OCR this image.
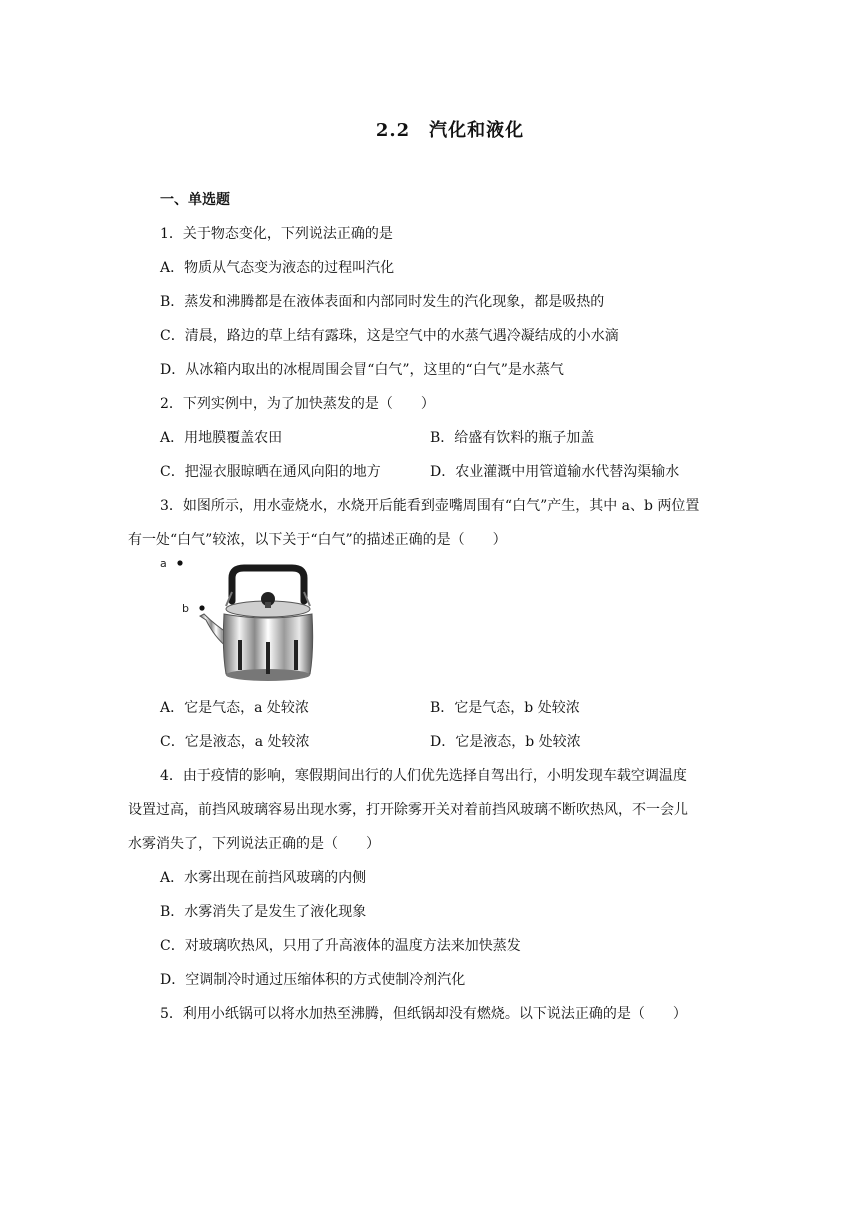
2.2　汽化和液化
一、单选题
1．关于物态变化，下列说法正确的是
A．物质从气态变为液态的过程叫汽化
B．蒸发和沸腾都是在液体表面和内部同时发生的汽化现象，都是吸热的
C．清晨，路边的草上结有露珠，这是空气中的水蒸气遇冷凝结成的小水滴
D．从冰箱内取出的冰棍周围会冒“白气”，这里的“白气”是水蒸气
2．下列实例中，为了加快蒸发的是（　　）
A．用地膜覆盖农田	B．给盛有饮料的瓶子加盖
C．把湿衣服晾晒在通风向阳的地方	D．农业灌溉中用管道输水代替沟渠输水
3．如图所示，用水壶烧水，水烧开后能看到壶嘴周围有“白气”产生，其中 a、b 两位置
有一处“白气”较浓，以下关于“白气”的描述正确的是（　　）
a
b
A．它是气态，a 处较浓	B．它是气态，b 处较浓
C．它是液态，a 处较浓	D．它是液态，b 处较浓
4．由于疫情的影响，寒假期间出行的人们优先选择自驾出行，小明发现车载空调温度
设置过高，前挡风玻璃容易出现水雾，打开除雾开关对着前挡风玻璃不断吹热风，不一会儿
水雾消失了，下列说法正确的是（　　）
A．水雾出现在前挡风玻璃的内侧
B．水雾消失了是发生了液化现象
C．对玻璃吹热风，只用了升高液体的温度方法来加快蒸发
D．空调制冷时通过压缩体积的方式使制冷剂汽化
5．利用小纸锅可以将水加热至沸腾，但纸锅却没有燃烧。以下说法正确的是（　　）
